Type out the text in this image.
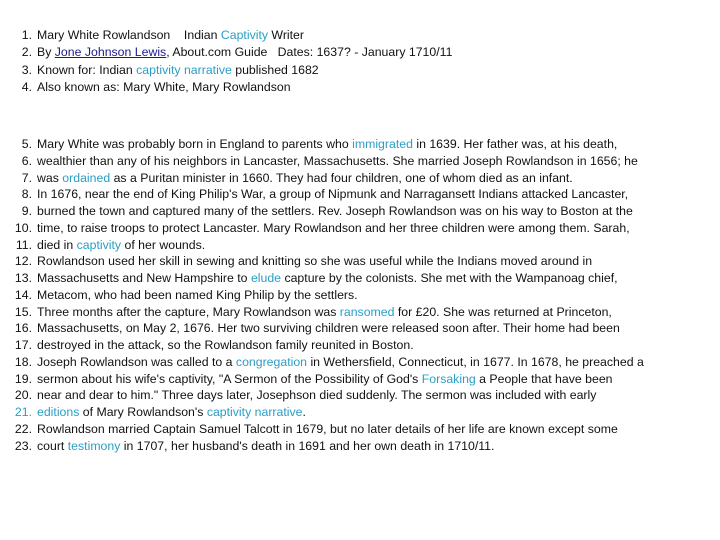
1. Mary White Rowlandson    Indian Captivity Writer
2. By Jone Johnson Lewis, About.com Guide   Dates: 1637? - January 1710/11
3. Known for: Indian captivity narrative published 1682
4. Also known as: Mary White, Mary Rowlandson
5. Mary White was probably born in England to parents who immigrated in 1639. Her father was, at his death,
6. wealthier than any of his neighbors in Lancaster, Massachusetts. She married Joseph Rowlandson in 1656; he
7. was ordained as a Puritan minister in 1660. They had four children, one of whom died as an infant.
8. In 1676, near the end of King Philip's War, a group of Nipmunk and Narragansett Indians attacked Lancaster,
9. burned the town and captured many of the settlers. Rev. Joseph Rowlandson was on his way to Boston at the
10. time, to raise troops to protect Lancaster. Mary Rowlandson and her three children were among them. Sarah,
11. died in captivity of her wounds.
12. Rowlandson used her skill in sewing and knitting so she was useful while the Indians moved around in
13. Massachusetts and New Hampshire to elude capture by the colonists. She met with the Wampanoag chief,
14. Metacom, who had been named King Philip by the settlers.
15. Three months after the capture, Mary Rowlandson was ransomed for £20. She was returned at Princeton,
16. Massachusetts, on May 2, 1676. Her two surviving children were released soon after. Their home had been
17. destroyed in the attack, so the Rowlandson family reunited in Boston.
18. Joseph Rowlandson was called to a congregation in Wethersfield, Connecticut, in 1677. In 1678, he preached a
19. sermon about his wife's captivity, "A Sermon of the Possibility of God's Forsaking a People that have been
20. near and dear to him." Three days later, Josephson died suddenly. The sermon was included with early
21. editions of Mary Rowlandson's captivity narrative.
22. Rowlandson married Captain Samuel Talcott in 1679, but no later details of her life are known except some
23. court testimony in 1707, her husband's death in 1691 and her own death in 1710/11.
